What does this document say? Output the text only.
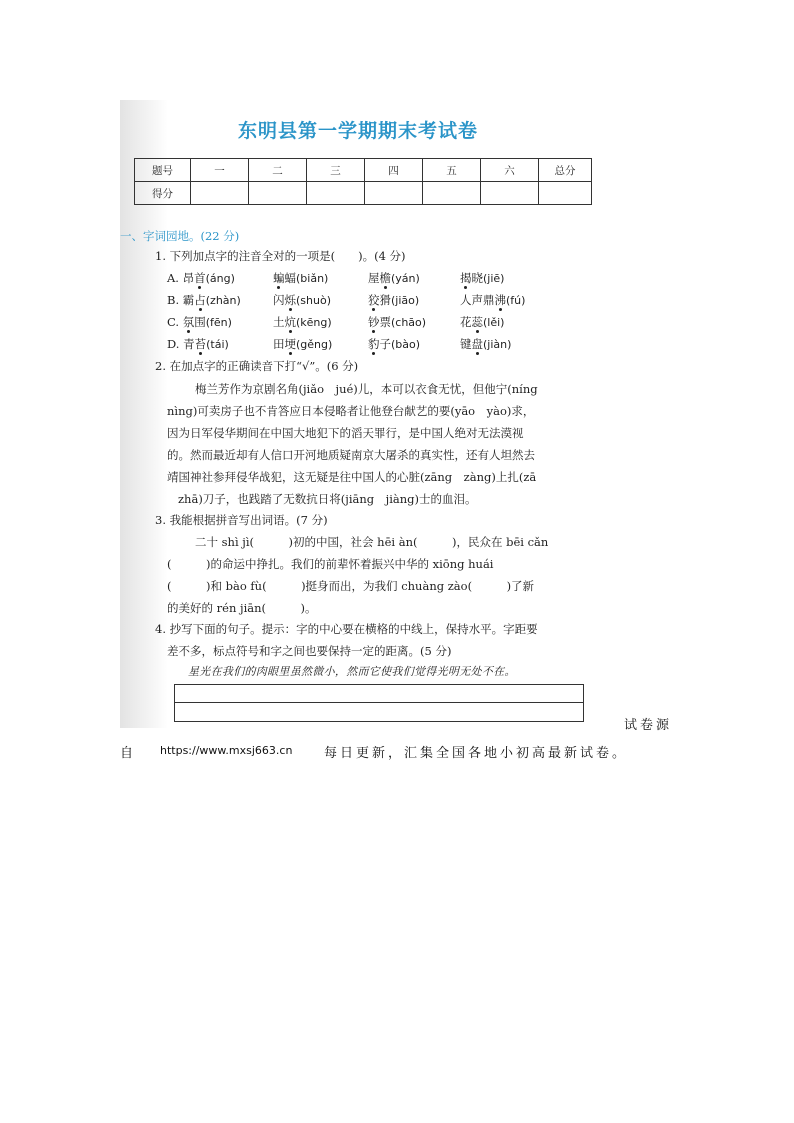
东明县第一学期期末考试卷
题号	一	二	三	四	五	六	总分
得分							
一、字词园地。(22 分)
1. 下列加点字的注音全对的一项是(　　)。(4 分)
A. 昂首(áng)	蝙蝠(biǎn)	屋檐(yán)	揭晓(jiē)
B. 霸占(zhàn)	闪烁(shuò)	狡猾(jiāo)	人声鼎沸(fú)
C. 氛围(fēn)	土炕(kēng)	钞票(chāo)	花蕊(lěi)
D. 青苔(tái)	田埂(gěng)	豹子(bào)	键盘(jiàn)
2. 在加点字的正确读音下打“√”。(6 分)
梅兰芳作为京剧名角(jiǎo　jué)儿，本可以衣食无忧，但他宁(níng
nìng)可卖房子也不肯答应日本侵略者让他登台献艺的要(yāo　yào)求，
因为日军侵华期间在中国大地犯下的滔天罪行，是中国人绝对无法漠视
的。然而最近却有人信口开河地质疑南京大屠杀的真实性，还有人坦然去
靖国神社参拜侵华战犯，这无疑是往中国人的心脏(zāng　zàng)上扎(zā
zhā)刀子，也践踏了无数抗日将(jiāng　jiàng)士的血泪。
3. 我能根据拼音写出词语。(7 分)
二十 shì jì(　　　)初的中国，社会 hēi àn(　　　)，民众在 bēi cǎn
(　　　)的命运中挣扎。我们的前辈怀着振兴中华的 xiōng huái
(　　　)和 bào fù(　　　)挺身而出，为我们 chuàng zào(　　　)了新
的美好的 rén jiān(　　　)。
4. 抄写下面的句子。提示：字的中心要在横格的中线上，保持水平。字距要
差不多，标点符号和字之间也要保持一定的距离。(5 分)
星光在我们的肉眼里虽然微小，然而它使我们觉得光明无处不在。
试卷源
自 https://www.mxsj663.cn 每日更新，汇集全国各地小初高最新试卷。
